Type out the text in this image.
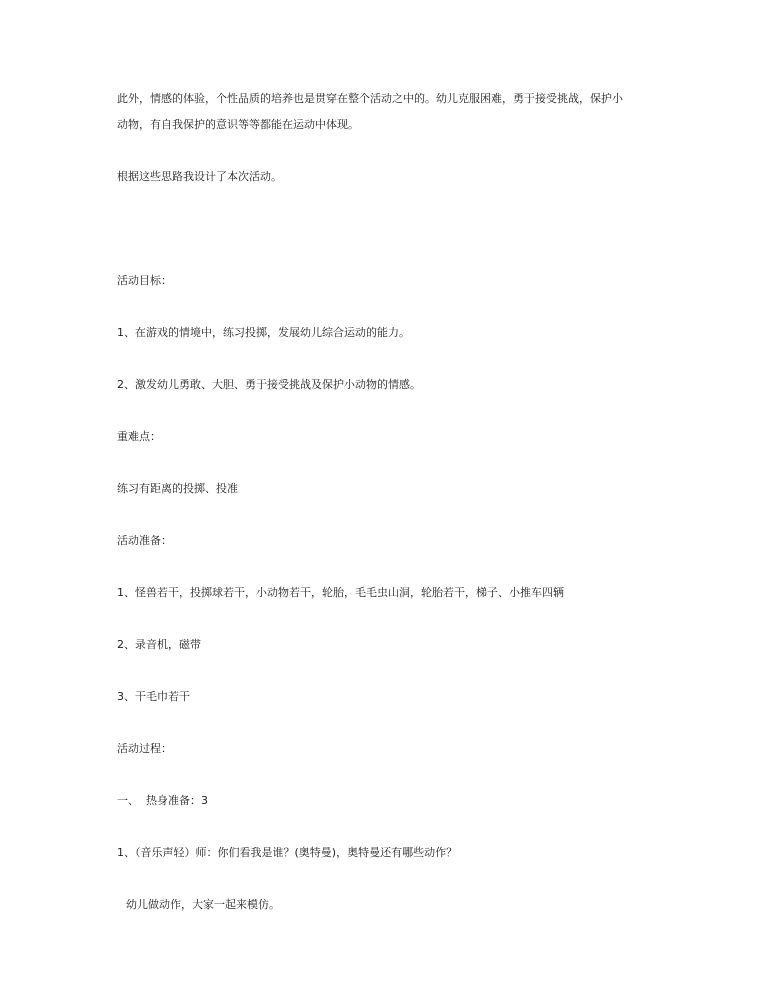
此外，情感的体验，个性品质的培养也是贯穿在整个活动之中的。幼儿克服困难，勇于接受挑战，保护小
动物，有自我保护的意识等等都能在运动中体现。
根据这些思路我设计了本次活动。
活动目标：
1、在游戏的情境中，练习投掷，发展幼儿综合运动的能力。
2、激发幼儿勇敢、大胆、勇于接受挑战及保护小动物的情感。
重难点：
练习有距离的投掷、投准
活动准备：
1、怪兽若干，投掷球若干，小动物若干，轮胎，毛毛虫山洞，轮胎若干，梯子、小推车四辆
2、录音机，磁带
3、干毛巾若干
活动过程：
一、  热身准备：3
1、（音乐声轻）师：你们看我是谁？(奥特曼)，奥特曼还有哪些动作？
幼儿做动作，大家一起来模仿。
